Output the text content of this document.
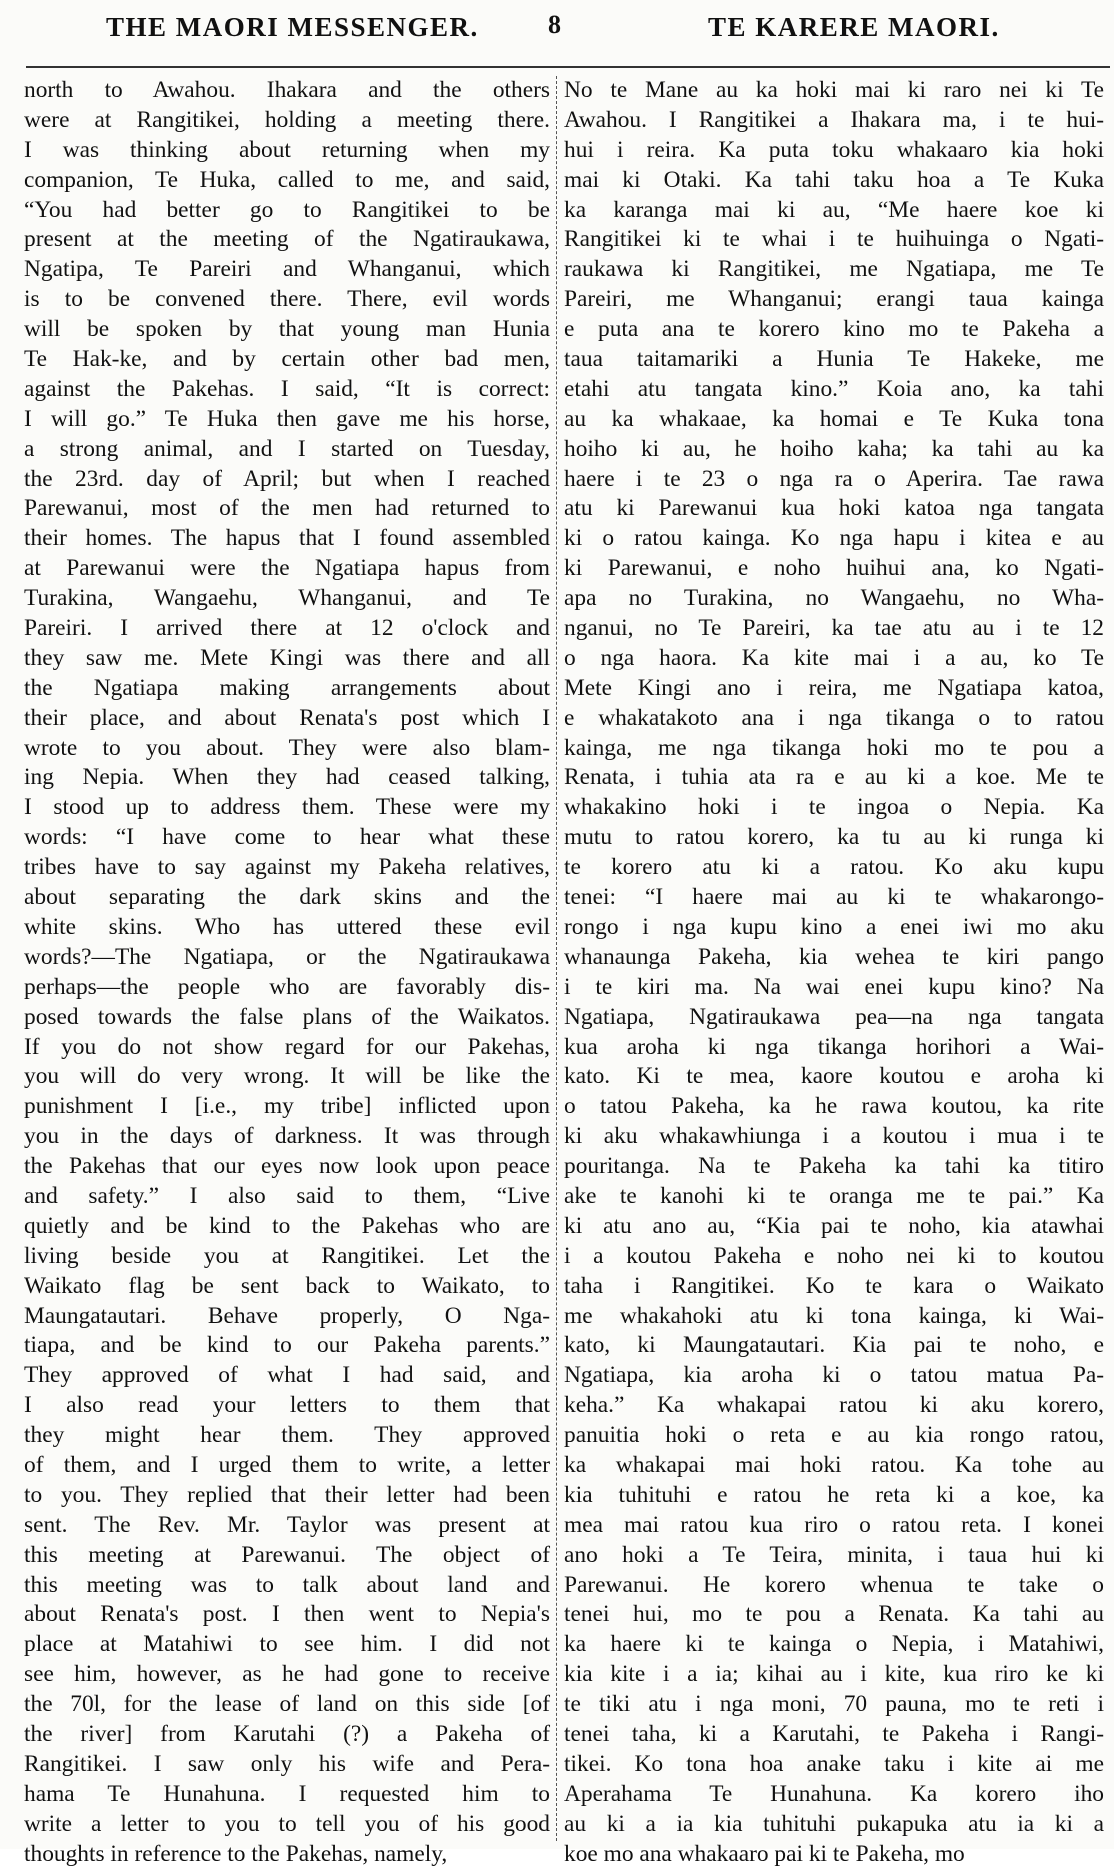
THE MAORI MESSENGER.	8	TE KARERE MAORI.
north to Awahou. Ihakara and the others
were at Rangitikei, holding a meeting there.
I was thinking about returning when my
companion, Te Huka, called to me, and said,
“You had better go to Rangitikei to be
present at the meeting of the Ngatiraukawa,
Ngatipa, Te Pareiri and Whanganui, which
is to be convened there. There, evil words
will be spoken by that young man Hunia
Te Hak-ke, and by certain other bad men,
against the Pakehas. I said, “It is correct:
I will go.” Te Huka then gave me his horse,
a strong animal, and I started on Tuesday,
the 23rd. day of April; but when I reached
Parewanui, most of the men had returned to
their homes. The hapus that I found assembled
at Parewanui were the Ngatiapa hapus from
Turakina, Wangaehu, Whanganui, and Te
Pareiri. I arrived there at 12 o'clock and
they saw me. Mete Kingi was there and all
the Ngatiapa making arrangements about
their place, and about Renata's post which I
wrote to you about. They were also blam-
ing Nepia. When they had ceased talking,
I stood up to address them. These were my
words: “I have come to hear what these
tribes have to say against my Pakeha relatives,
about separating the dark skins and the
white skins. Who has uttered these evil
words?—The Ngatiapa, or the Ngatiraukawa
perhaps—the people who are favorably dis-
posed towards the false plans of the Waikatos.
If you do not show regard for our Pakehas,
you will do very wrong. It will be like the
punishment I [i.e., my tribe] inflicted upon
you in the days of darkness. It was through
the Pakehas that our eyes now look upon peace
and safety.” I also said to them, “Live
quietly and be kind to the Pakehas who are
living beside you at Rangitikei. Let the
Waikato flag be sent back to Waikato, to
Maungatautari. Behave properly, O Nga-
tiapa, and be kind to our Pakeha parents.”
They approved of what I had said, and
I also read your letters to them that
they might hear them. They approved
of them, and I urged them to write, a letter
to you. They replied that their letter had been
sent. The Rev. Mr. Taylor was present at
this meeting at Parewanui. The object of
this meeting was to talk about land and
about Renata's post. I then went to Nepia's
place at Matahiwi to see him. I did not
see him, however, as he had gone to receive
the 70l, for the lease of land on this side [of
the river] from Karutahi (?) a Pakeha of
Rangitikei. I saw only his wife and Pera-
hama Te Hunahuna. I requested him to
write a letter to you to tell you of his good
thoughts in reference to the Pakehas, namely,
No te Mane au ka hoki mai ki raro nei ki Te
Awahou. I Rangitikei a Ihakara ma, i te hui-
hui i reira. Ka puta toku whakaaro kia hoki
mai ki Otaki. Ka tahi taku hoa a Te Kuka
ka karanga mai ki au, “Me haere koe ki
Rangitikei ki te whai i te huihuinga o Ngati-
raukawa ki Rangitikei, me Ngatiapa, me Te
Pareiri, me Whanganui; erangi taua kainga
e puta ana te korero kino mo te Pakeha a
taua taitamariki a Hunia Te Hakeke, me
etahi atu tangata kino.” Koia ano, ka tahi
au ka whakaae, ka homai e Te Kuka tona
hoiho ki au, he hoiho kaha; ka tahi au ka
haere i te 23 o nga ra o Aperira. Tae rawa
atu ki Parewanui kua hoki katoa nga tangata
ki o ratou kainga. Ko nga hapu i kitea e au
ki Parewanui, e noho huihui ana, ko Ngati-
apa no Turakina, no Wangaehu, no Wha-
nganui, no Te Pareiri, ka tae atu au i te 12
o nga haora. Ka kite mai i a au, ko Te
Mete Kingi ano i reira, me Ngatiapa katoa,
e whakatakoto ana i nga tikanga o to ratou
kainga, me nga tikanga hoki mo te pou a
Renata, i tuhia ata ra e au ki a koe. Me te
whakakino hoki i te ingoa o Nepia. Ka
mutu to ratou korero, ka tu au ki runga ki
te korero atu ki a ratou. Ko aku kupu
tenei: “I haere mai au ki te whakarongo-
rongo i nga kupu kino a enei iwi mo aku
whanaunga Pakeha, kia wehea te kiri pango
i te kiri ma. Na wai enei kupu kino? Na
Ngatiapa, Ngatiraukawa pea—na nga tangata
kua aroha ki nga tikanga horihori a Wai-
kato. Ki te mea, kaore koutou e aroha ki
o tatou Pakeha, ka he rawa koutou, ka rite
ki aku whakawhiunga i a koutou i mua i te
pouritanga. Na te Pakeha ka tahi ka titiro
ake te kanohi ki te oranga me te pai.” Ka
ki atu ano au, “Kia pai te noho, kia atawhai
i a koutou Pakeha e noho nei ki to koutou
taha i Rangitikei. Ko te kara o Waikato
me whakahoki atu ki tona kainga, ki Wai-
kato, ki Maungatautari. Kia pai te noho, e
Ngatiapa, kia aroha ki o tatou matua Pa-
keha.” Ka whakapai ratou ki aku korero,
panuitia hoki o reta e au kia rongo ratou,
ka whakapai mai hoki ratou. Ka tohe au
kia tuhituhi e ratou he reta ki a koe, ka
mea mai ratou kua riro o ratou reta. I konei
ano hoki a Te Teira, minita, i taua hui ki
Parewanui. He korero whenua te take o
tenei hui, mo te pou a Renata. Ka tahi au
ka haere ki te kainga o Nepia, i Matahiwi,
kia kite i a ia; kihai au i kite, kua riro ke ki
te tiki atu i nga moni, 70 pauna, mo te reti i
tenei taha, ki a Karutahi, te Pakeha i Rangi-
tikei. Ko tona hoa anake taku i kite ai me
Aperahama Te Hunahuna. Ka korero iho
au ki a ia kia tuhituhi pukapuka atu ia ki a
koe mo ana whakaaro pai ki te Pakeha, mo
